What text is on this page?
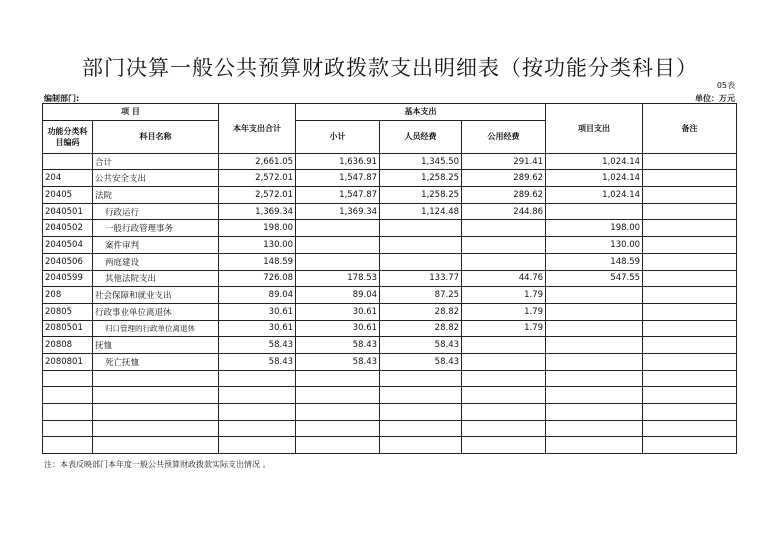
部门决算一般公共预算财政拨款支出明细表（按功能分类科目）
05表
编制部门:	单位：万元
项 目		本年支出合计	基本支出			项目支出	备注
功能分类科目编码	科目名称		小计	人员经费	公用经费		
	合计	2,661.05	1,636.91	1,345.50	291.41	1,024.14	
204	公共安全支出	2,572.01	1,547.87	1,258.25	289.62	1,024.14	
20405	法院	2,572.01	1,547.87	1,258.25	289.62	1,024.14	
2040501	行政运行	1,369.34	1,369.34	1,124.48	244.86		
2040502	一般行政管理事务	198.00				198.00	
2040504	案件审判	130.00				130.00	
2040506	两庭建设	148.59				148.59	
2040599	其他法院支出	726.08	178.53	133.77	44.76	547.55	
208	社会保障和就业支出	89.04	89.04	87.25	1.79		
20805	行政事业单位离退休	30.61	30.61	28.82	1.79		
2080501	归口管理的行政单位离退休	30.61	30.61	28.82	1.79		
20808	抚恤	58.43	58.43	58.43			
2080801	死亡抚恤	58.43	58.43	58.43			

注：本表反映部门本年度一般公共预算财政拨款实际支出情况 。
